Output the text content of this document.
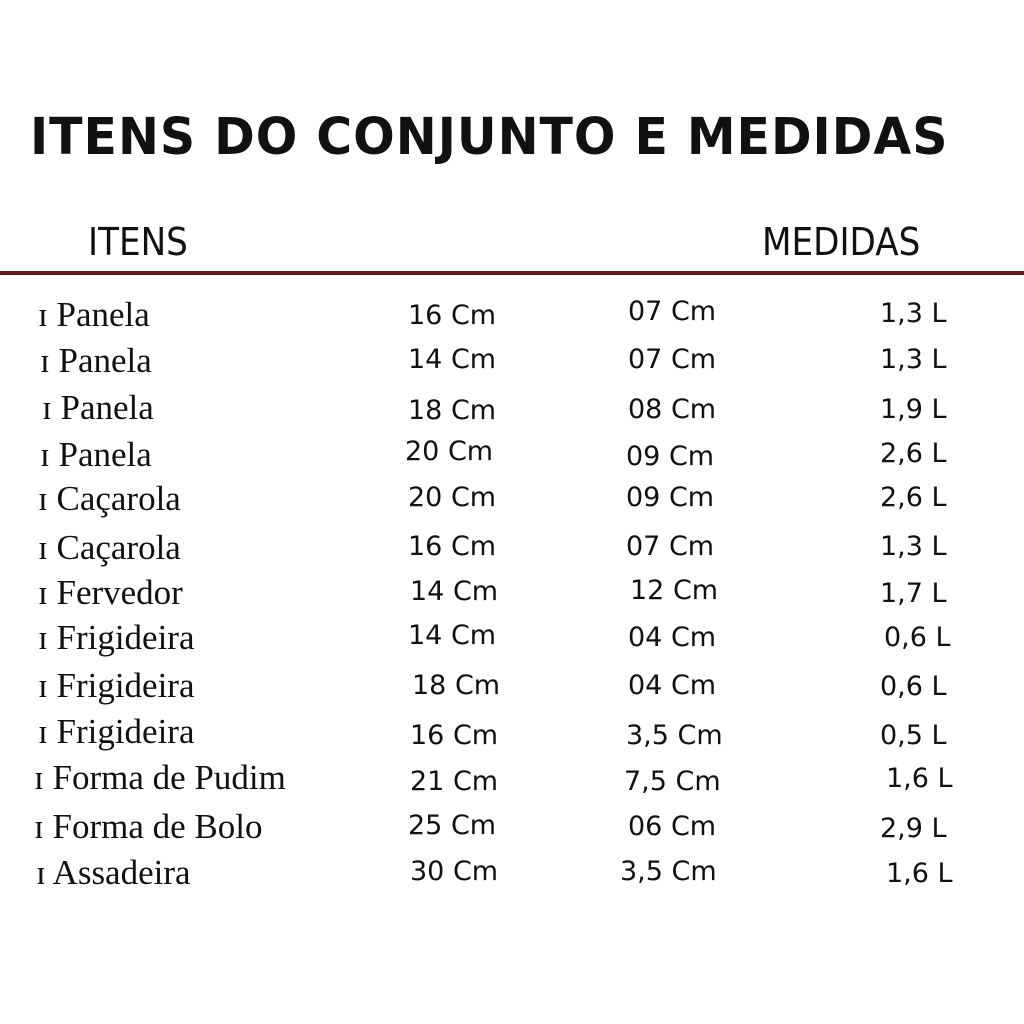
ITENS DO CONJUNTO E MEDIDAS
ITENS	MEDIDAS
ɪ Panela	16 Cm	07 Cm	1,3 L
ɪ Panela	14 Cm	07 Cm	1,3 L
ɪ Panela	18 Cm	08 Cm	1,9 L
ɪ Panela	20 Cm	09 Cm	2,6 L
ɪ Caçarola	20 Cm	09 Cm	2,6 L
ɪ Caçarola	16 Cm	07 Cm	1,3 L
ɪ Fervedor	14 Cm	12 Cm	1,7 L
ɪ Frigideira	14 Cm	04 Cm	0,6 L
ɪ Frigideira	18 Cm	04 Cm	0,6 L
ɪ Frigideira	16 Cm	3,5 Cm	0,5 L
ɪ Forma de Pudim	21 Cm	7,5 Cm	1,6 L
ɪ Forma de Bolo	25 Cm	06 Cm	2,9 L
ɪ Assadeira	30 Cm	3,5 Cm	1,6 L
